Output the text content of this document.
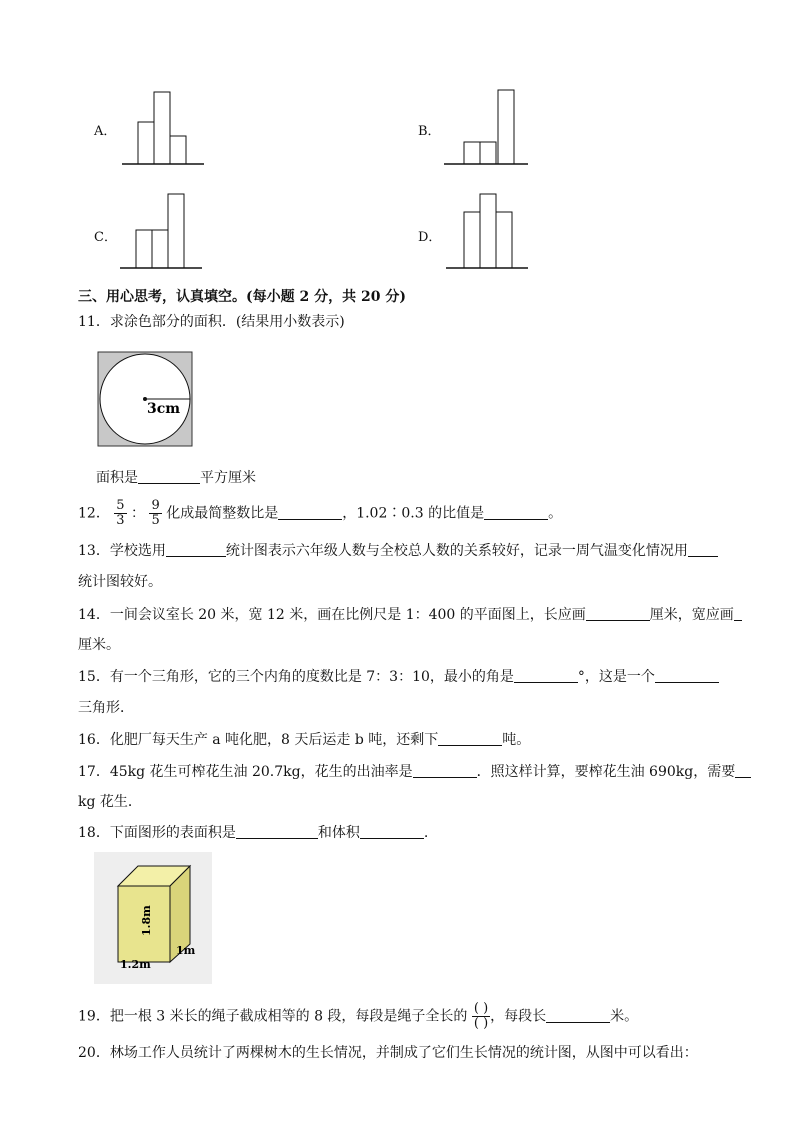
A．	B．
C．	D．
三、用心思考，认真填空。(每小题 2 分，共 20 分)
11．求涂色部分的面积．(结果用小数表示)
3cm
面积是	平方厘米
12． $\frac{5}{3}$ ： $\frac{9}{5}$ 化成最简整数比是	，1.02∶0.3 的比值是	。
13．学校选用	统计图表示六年级人数与全校总人数的关系较好，记录一周气温变化情况用
统计图较好。
14．一间会议室长 20 米，宽 12 米，画在比例尺是 1：400 的平面图上，长应画	厘米，宽应画
厘米。
15．有一个三角形，它的三个内角的度数比是 7：3：10，最小的角是	°，这是一个
三角形．
16．化肥厂每天生产 a 吨化肥，8 天后运走 b 吨，还剩下	吨。
17．45kg 花生可榨花生油 20.7kg，花生的出油率是	．照这样计算，要榨花生油 690kg，需要
kg 花生．
18．下面图形的表面积是	和体积	.
1.8m
1.2m
1m
19．把一根 3 米长的绳子截成相等的 8 段，每段是绳子全长的 $\frac{( )}{( )}$ ，每段长	米。
20．林场工作人员统计了两棵树木的生长情况，并制成了它们生长情况的统计图，从图中可以看出：
